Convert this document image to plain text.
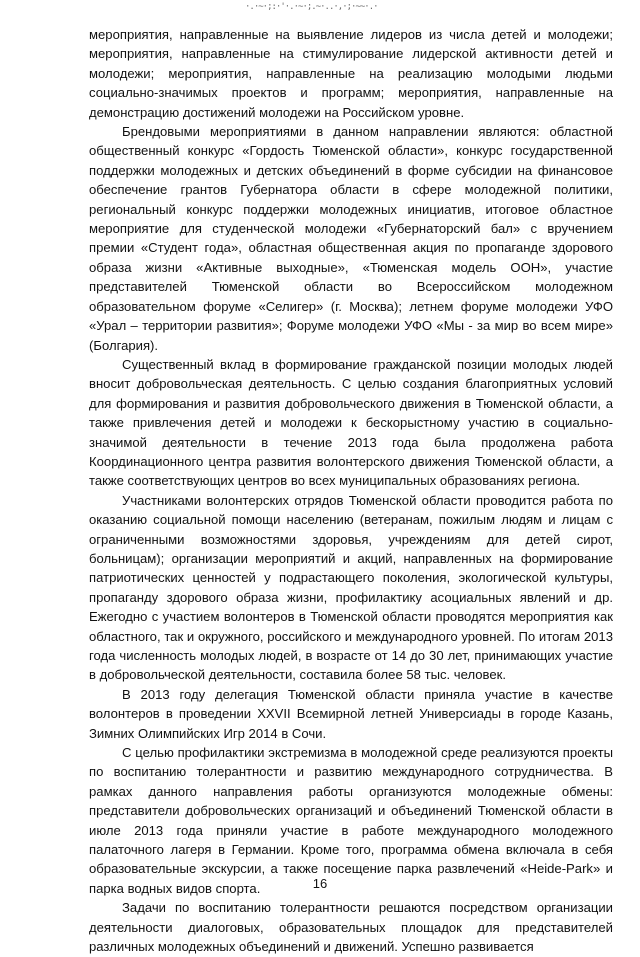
·.·~·;:·'·.·~·;.~·..·,·;·~~·.·

мероприятия, направленные на выявление лидеров из числа детей и молодежи; мероприятия, направленные на стимулирование лидерской активности детей и молодежи; мероприятия, направленные на реализацию молодыми людьми социально-значимых проектов и программ; мероприятия, направленные на демонстрацию достижений молодежи на Российском уровне.

Брендовыми мероприятиями в данном направлении являются: областной общественный конкурс «Гордость Тюменской области», конкурс государственной поддержки молодежных и детских объединений в форме субсидии на финансовое обеспечение грантов Губернатора области в сфере молодежной политики, региональный конкурс поддержки молодежных инициатив, итоговое областное мероприятие для студенческой молодежи «Губернаторский бал» с вручением премии «Студент года», областная общественная акция по пропаганде здорового образа жизни «Активные выходные», «Тюменская модель ООН», участие представителей Тюменской области во Всероссийском молодежном образовательном форуме «Селигер» (г. Москва); летнем форуме молодежи УФО «Урал – территории развития»; Форуме молодежи УФО «Мы - за мир во всем мире» (Болгария).

Существенный вклад в формирование гражданской позиции молодых людей вносит добровольческая деятельность. С целью создания благоприятных условий для формирования и развития добровольческого движения в Тюменской области, а также привлечения детей и молодежи к бескорыстному участию в социально-значимой деятельности в течение 2013 года была продолжена работа Координационного центра развития волонтерского движения Тюменской области, а также соответствующих центров во всех муниципальных образованиях региона.

Участниками волонтерских отрядов Тюменской области проводится работа по оказанию социальной помощи населению (ветеранам, пожилым людям и лицам с ограниченными возможностями здоровья, учреждениям для детей сирот, больницам); организации мероприятий и акций, направленных на формирование патриотических ценностей у подрастающего поколения, экологической культуры, пропаганду здорового образа жизни, профилактику асоциальных явлений и др. Ежегодно с участием волонтеров в Тюменской области проводятся мероприятия как областного, так и окружного, российского и международного уровней. По итогам 2013 года численность молодых людей, в возрасте от 14 до 30 лет, принимающих участие в добровольческой деятельности, составила более 58 тыс. человек.

В 2013 году делегация Тюменской области приняла участие в качестве волонтеров в проведении XXVII Всемирной летней Универсиады в городе Казань, Зимних Олимпийских Игр 2014 в Сочи.

С целью профилактики экстремизма в молодежной среде реализуются проекты по воспитанию толерантности и развитию международного сотрудничества. В рамках данного направления работы организуются молодежные обмены: представители добровольческих организаций и объединений Тюменской области в июле 2013 года приняли участие в работе международного молодежного палаточного лагеря в Германии. Кроме того, программа обмена включала в себя образовательные экскурсии, а также посещение парка развлечений «Heide-Park» и парка водных видов спорта.

Задачи по воспитанию толерантности решаются посредством организации деятельности диалоговых, образовательных площадок для представителей различных молодежных объединений и движений. Успешно развивается

16
